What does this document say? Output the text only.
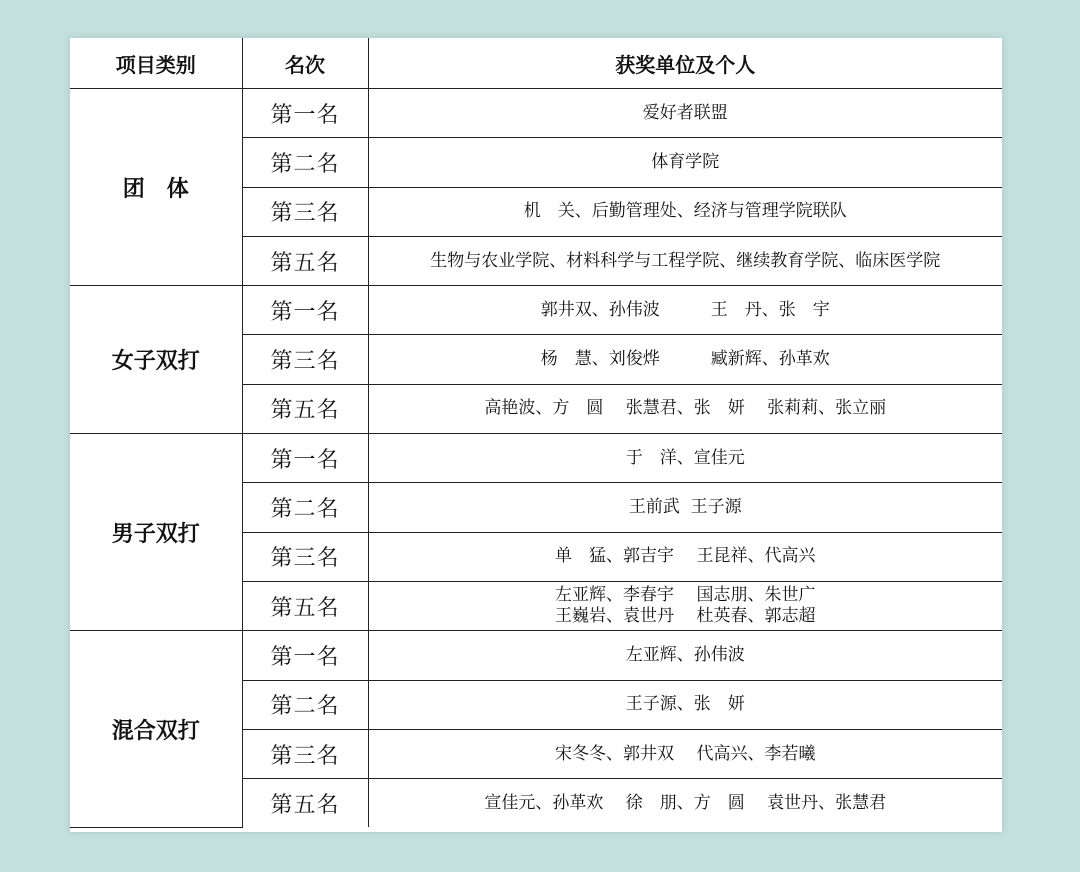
项目类别	名次	获奖单位及个人
团　体	第一名	爱好者联盟
	第二名	体育学院
	第三名	机　关、后勤管理处、经济与管理学院联队
	第五名	生物与农业学院、材料科学与工程学院、继续教育学院、临床医学院
女子双打	第一名	郭井双、孙伟波　　　王　丹、张　宇
	第三名	杨　慧、刘俊烨　　　臧新辉、孙革欢
	第五名	高艳波、方　圆　 张慧君、张　妍　 张莉莉、张立丽
男子双打	第一名	于　洋、宣佳元
	第二名	王前武  王子源
	第三名	单　猛、郭吉宇　 王昆祥、代高兴
	第五名	左亚辉、李春宇　 国志朋、朱世广
王巍岩、袁世丹　 杜英春、郭志超
混合双打	第一名	左亚辉、孙伟波
	第二名	王子源、张　妍
	第三名	宋冬冬、郭井双　 代高兴、李若曦
	第五名	宣佳元、孙革欢　 徐　朋、方　圆　 袁世丹、张慧君
